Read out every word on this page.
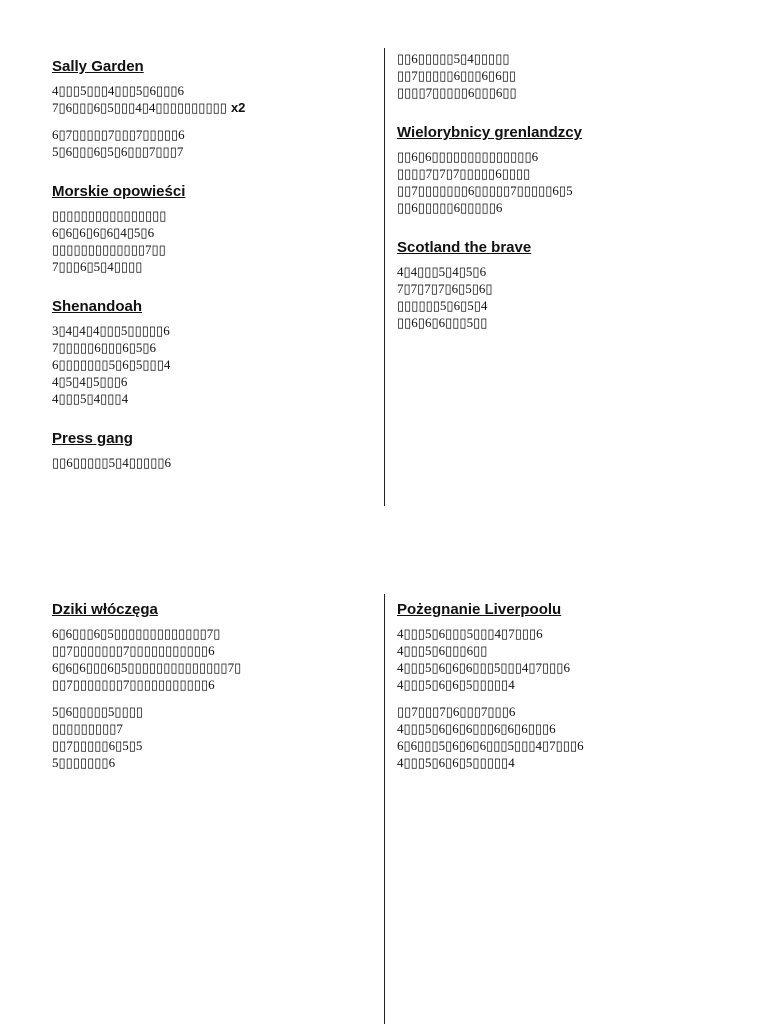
Sally Garden
4▯▯▯5▯▯▯4▯▯▯5▯6▯▯▯6
7▯6▯▯▯6▯5▯▯▯4▯4▯▯▯▯▯▯▯▯▯▯ x2
6▯7▯▯▯▯▯7▯▯▯7▯▯▯▯▯6
5▯6▯▯▯6▯5▯6▯▯▯7▯▯▯7
Morskie opowieści
▯▯▯▯▯▯▯▯▯▯▯▯▯▯▯▯
6▯6▯6▯6▯6▯4▯5▯6
▯▯▯▯▯▯▯▯▯▯▯▯▯7▯▯
7▯▯▯6▯5▯4▯▯▯▯
Shenandoah
3▯4▯4▯4▯▯▯5▯▯▯▯▯6
7▯▯▯▯▯6▯▯▯6▯5▯6
6▯▯▯▯▯▯▯5▯6▯5▯▯▯4
4▯5▯4▯5▯▯▯6
4▯▯▯5▯4▯▯▯4
Press gang
▯▯6▯▯▯▯▯5▯4▯▯▯▯▯6
▯▯6▯▯▯▯▯5▯4▯▯▯▯▯
▯▯7▯▯▯▯▯6▯▯▯6▯6▯▯
▯▯▯▯7▯▯▯▯▯6▯▯▯6▯▯
Wielorybnicy grenlandzcy
▯▯6▯6▯▯▯▯▯▯▯▯▯▯▯▯▯▯6
▯▯▯▯7▯7▯7▯▯▯▯▯6▯▯▯▯
▯▯7▯▯▯▯▯▯▯6▯▯▯▯▯7▯▯▯▯▯6▯5
▯▯6▯▯▯▯▯6▯▯▯▯▯6
Scotland the brave
4▯4▯▯▯5▯4▯5▯6
7▯7▯7▯7▯6▯5▯6▯
▯▯▯▯▯▯5▯6▯5▯4
▯▯6▯6▯6▯▯▯5▯▯
Dziki włóczęga
6▯6▯▯▯6▯5▯▯▯▯▯▯▯▯▯▯▯▯▯7▯
▯▯7▯▯▯▯▯▯▯7▯▯▯▯▯▯▯▯▯▯▯6
6▯6▯6▯▯▯6▯5▯▯▯▯▯▯▯▯▯▯▯▯▯▯7▯
▯▯7▯▯▯▯▯▯▯7▯▯▯▯▯▯▯▯▯▯▯6
5▯6▯▯▯▯▯5▯▯▯▯
▯▯▯▯▯▯▯▯▯7
▯▯7▯▯▯▯▯6▯5▯5
5▯▯▯▯▯▯▯6
Pożegnanie Liverpoolu
4▯▯▯5▯6▯▯▯5▯▯▯4▯7▯▯▯6
4▯▯▯5▯6▯▯▯6▯▯
4▯▯▯5▯6▯6▯6▯▯▯5▯▯▯4▯7▯▯▯6
4▯▯▯5▯6▯6▯5▯▯▯▯▯4
▯▯7▯▯▯7▯6▯▯▯7▯▯▯6
4▯▯▯5▯6▯6▯6▯▯▯6▯6▯6▯▯▯6
6▯6▯▯▯5▯6▯6▯6▯▯▯5▯▯▯4▯7▯▯▯6
4▯▯▯5▯6▯6▯5▯▯▯▯▯4
